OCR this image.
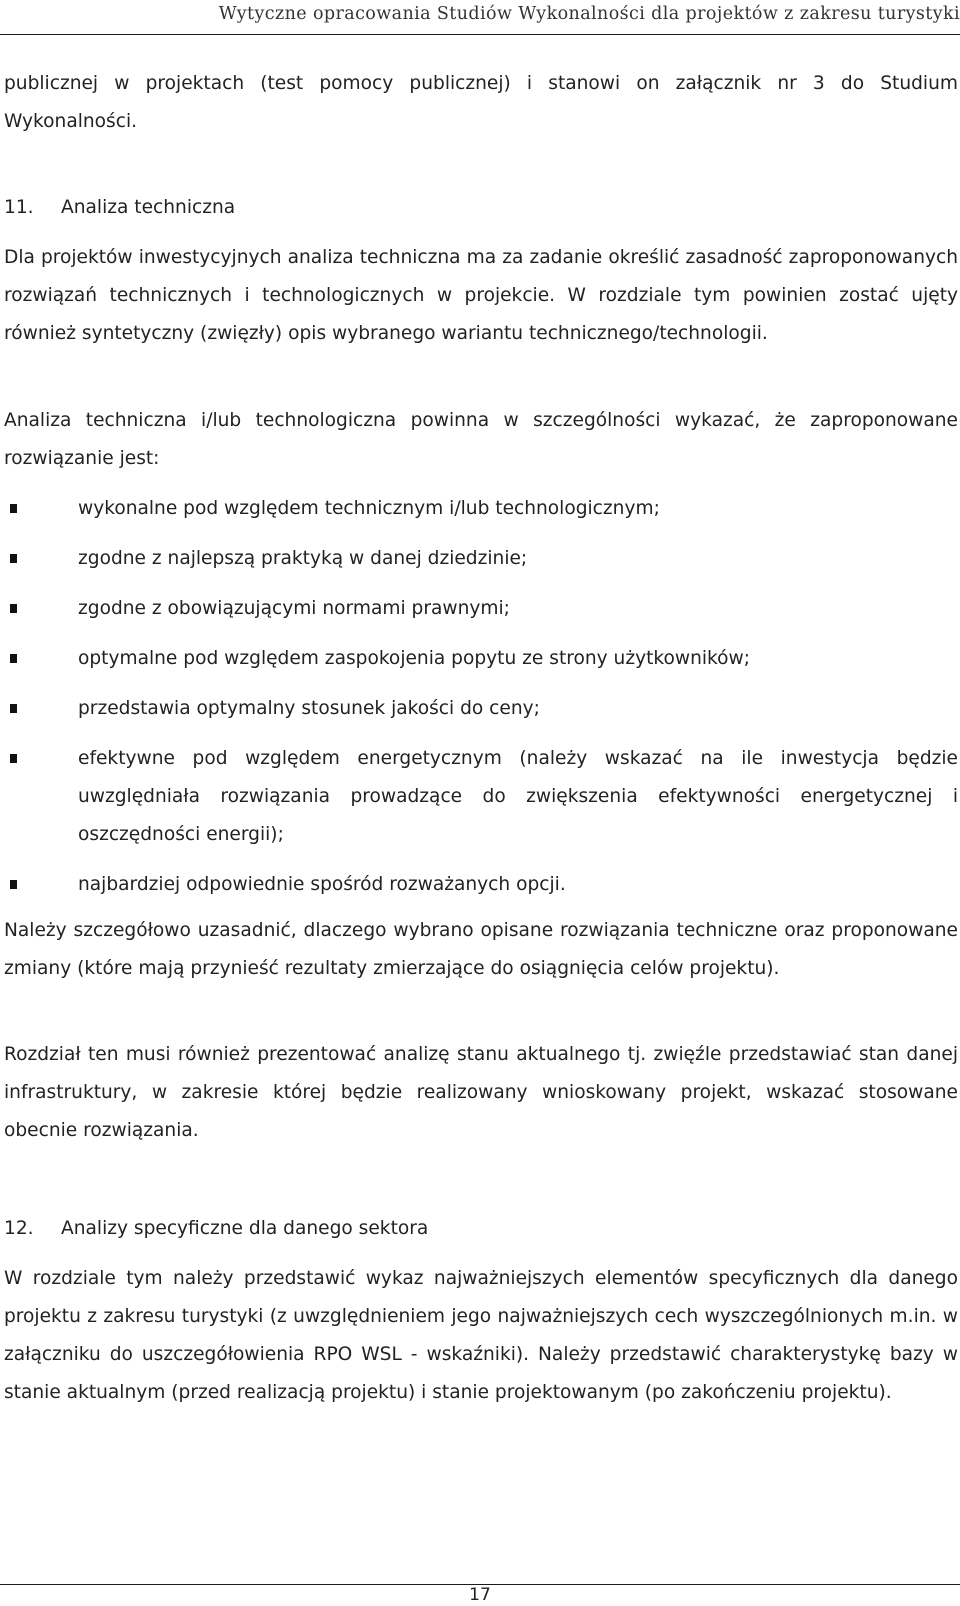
Wytyczne opracowania Studiów Wykonalności dla projektów z zakresu turystyki
publicznej w projektach (test pomocy publicznej) i stanowi on załącznik nr 3 do Studium Wykonalności.
11. Analiza techniczna
Dla projektów inwestycyjnych analiza techniczna ma za zadanie określić zasadność zaproponowanych rozwiązań technicznych i technologicznych w projekcie. W rozdziale tym powinien zostać ujęty również syntetyczny (zwięzły) opis wybranego wariantu technicznego/technologii.
Analiza techniczna i/lub technologiczna powinna w szczególności wykazać, że zaproponowane rozwiązanie jest:
wykonalne pod względem technicznym i/lub technologicznym;
zgodne z najlepszą praktyką w danej dziedzinie;
zgodne z obowiązującymi normami prawnymi;
optymalne pod względem zaspokojenia popytu ze strony użytkowników;
przedstawia optymalny stosunek jakości do ceny;
efektywne pod względem energetycznym (należy wskazać na ile inwestycja będzie uwzględniała rozwiązania prowadzące do zwiększenia efektywności energetycznej i oszczędności energii);
najbardziej odpowiednie spośród rozważanych opcji.
Należy szczegółowo uzasadnić, dlaczego wybrano opisane rozwiązania techniczne oraz proponowane zmiany (które mają przynieść rezultaty zmierzające do osiągnięcia celów projektu).
Rozdział ten musi również prezentować analizę stanu aktualnego tj. zwięźle przedstawiać stan danej infrastruktury, w zakresie której będzie realizowany wnioskowany projekt, wskazać stosowane obecnie rozwiązania.
12. Analizy specyficzne dla danego sektora
W rozdziale tym należy przedstawić wykaz najważniejszych elementów specyficznych dla danego projektu z zakresu turystyki (z uwzględnieniem jego najważniejszych cech wyszczególnionych m.in. w załączniku do uszczegółowienia RPO WSL - wskaźniki). Należy przedstawić charakterystykę bazy w stanie aktualnym (przed realizacją projektu) i stanie projektowanym (po zakończeniu projektu).
17
